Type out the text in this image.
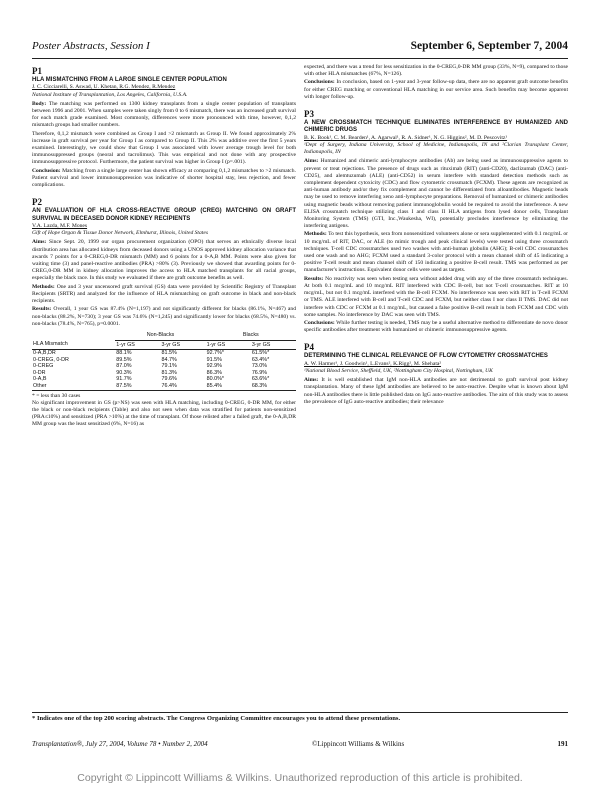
Poster Abstracts, Session I	September 6, September 7, 2004
P1
HLA MISMATCHING FROM A LARGE SINGLE CENTER POPULATION
J. C. Cicciarelli, S. Aswad, U. Khetan, R.G. Mendez, R.Mendez
National Institute of Transplantation, Los Angeles, California, U.S.A.

Body: The matching was performed on 1300 kidney transplants from a single center population of transplants between 1996 and 2001. When samples were taken singly from 0 to 6 mismatch, there was an increased graft survival for each match grade examined. Most commonly, differences were more pronounced with time, however, 0,1,2 mismatch groups had smaller numbers.

Therefore, 0,1,2 mismatch were combined as Group I and >2 mismatch as Group II. We found approximately 2% increase in graft survival per year for Group I as compared to Group II. This 2% was additive over the first 5 years examined. Interestingly, we could show that Group I was associated with lower average trough level for both immunosuppressed groups (neoral and tacrolimus). This was empirical and not done with any prospective immunosuppressive protocol. Furthermore, the patient survival was higher in Group I (p=.001).

Conclusion: Matching from a single large center has shown efficacy at comparing 0,1,2 mismatches to >2 mismatch. Patient survival and lower immunosuppression was indicative of shorter hospital stay, less rejection, and fewer complications.

P2
AN EVALUATION OF HLA CROSS-REACTIVE GROUP (CREG) MATCHING ON GRAFT SURVIVAL IN DECEASED DONOR KIDNEY RECIPIENTS
V.A. Lazda, M.F. Mones
Gift of Hope Organ & Tissue Donor Network, Elmhurst, Illinois, United States

Aims: Since Sept. 20, 1999 our organ procurement organization (OPO) that serves an ethnically diverse local distribution area has allocated kidneys from deceased donors using a UNOS approved kidney allocation variance that awards 7 points for a 0-CREG,0-DR mismatch (MM) and 6 points for a 0-A,B MM. Points were also given for waiting time (3) and panel-reactive antibodies (PRA) >80% (3). Previously we showed that awarding points for 0-CREG,0-DR MM in kidney allocation improves the access to HLA matched transplants for all racial groups, especially the black race. In this study we evaluated if there are graft outcome benefits as well.

Methods: One and 3 year uncensored graft survival (GS) data were provided by Scientific Registry of Transplant Recipients (SRTR) and analyzed for the influence of HLA mismatching on graft outcome in black and non-black recipients.

Results: Overall, 1 year GS was 87.4% (N=1,197) and not significantly different for blacks (86.1%, N=467) and non-blacks (88.2%, N=730); 3 year GS was 74.6% (N=1,245) and significantly lower for blacks (68.5%, N=480) vs. non-blacks (78.4%, N=765), p=0.0001.

	Non-Blacks		Blacks	
HLA Mismatch	1-yr GS	3-yr GS	1-yr GS	3-yr GS
0-A,B,DR	88.1%	81.5%	92.7%*	61.5%*
0-CREG, 0-DR	89.5%	84.7%	91.5%	63.4%*
0-CREG	87.0%	79.1%	92.9%	73.0%
0-DR	90.3%	81.3%	86.3%	76.9%
0-A,B	91.7%	79.6%	80.0%*	63.6%*
Other	87.5%	76.4%	85.4%	68.3%
* = less than 30 cases

No significant improvement in GS (p>NS) was seen with HLA matching, including 0-CREG, 0-DR MM, for either the black or non-black recipients (Table) and also not seen when data was stratified for patients non-sensitized (PRA≤10%) and sensitized (PRA >10%) at the time of transplant. Of those relisted after a failed graft, the 0-A,B,DR MM group was the least sensitized (6%, N=16) as

expected, and there was a trend for less sensitization in the 0-CREG,0-DR MM group (33%, N=9), compared to those with other HLA mismatches (67%, N=126).

Conclusions: In conclusion, based on 1-year and 3-year follow-up data, there are no apparent graft outcome benefits for either CREG matching or conventional HLA matching in our service area. Such benefits may become apparent with longer follow-up.

P3
A NEW CROSSMATCH TECHNIQUE ELIMINATES INTERFERENCE BY HUMANIZED AND CHIMERIC DRUGS
B. K. Book¹, C. M. Bearden¹, A. Agarwal¹, R. A. Sidner¹, N. G. Higgins², M. D. Pescovitz¹
¹Dept of Surgery, Indiana University, School of Medicine, Indianapolis, IN and ²Clarian Transplant Center, Indianapolis, IN

Aims: Humanized and chimeric anti-lymphocyte antibodies (Ab) are being used as immunosuppressive agents to prevent or treat rejections. The presence of drugs such as rituximab (RIT) (anti-CD20), daclizumab (DAC) (anti-CD25), and alemtuzumab (ALE) (anti-CD52) in serum interfere with standard detection methods such as complement dependent cytoxicity (CDC) and flow cytometric crossmatch (FCXM). These agents are recognized as anti-human antibody and/or they fix complement and cannot be differentiated from alloantibodies. Magnetic beads may be used to remove interfering xeno anti-lymphocyte preparations. Removal of humanized or chimeric antibodies using magnetic beads without removing patient immunoglobulin would be required to avoid the interference. A new ELISA crossmatch technique utilizing class I and class II HLA antigens from lysed donor cells, Transplant Monitoring System (TMS) (GTI, Inc.,Waukesha, WI), potentially precludes interference by eliminating the interfering antigens.

Methods: To test this hypothesis, sera from nonsensitized volunteers alone or sera supplemented with 0.1 mcg/mL or 10 mcg/mL of RIT, DAC, or ALE (to mimic trough and peak clinical levels) were tested using three crossmatch techniques. T-cell CDC crossmatches used two washes with anti-human globulin (AHG); B-cell CDC crossmatches used one wash and no AHG; FCXM used a standard 3-color protocol with a mean channel shift of 45 indicating a positive T-cell result and mean channel shift of 150 indicating a positive B-cell result. TMS was performed as per manufacturer's instructions. Equivalent donor cells were used as targets.

Results: No reactivity was seen when testing sera without added drug with any of the three crossmatch techniques. At both 0.1 mcg/mL and 10 mcg/mL RIT interfered with CDC B-cell, but not T-cell crossmatches. RIT at 10 mcg/mL, but not 0.1 mcg/mL interfered with the B-cell FCXM. No interference was seen with RIT in T-cell FCXM or TMS. ALE interfered with B-cell and T-cell CDC and FCXM, but neither class I nor class II TMS. DAC did not interfere with CDC or FCXM at 0.1 mcg/mL, but caused a false positive B-cell result in both FCXM and CDC with some samples. No interference by DAC was seen with TMS.

Conclusions: While further testing is needed, TMS may be a useful alternative method to differentiate de novo donor specific antibodies after treatment with humanized or chimeric immunosuppressive agents.

P4
DETERMINING THE CLINICAL RELEVANCE OF FLOW CYTOMETRY CROSSMATCHES
A. W. Harmer¹, J. Goodwin¹, L.Evans², K.Rigg², M. Shehata²
¹National Blood Service, Sheffield, UK, ²Nottingham City Hospital, Nottingham, UK

Aims: It is well established that IgM non-HLA antibodies are not detrimental to graft survival post kidney transplantation. Many of these IgM antibodies are believed to be auto-reactive. Despite what is known about IgM non-HLA antibodies there is little published data on IgG auto-reactive antibodies. The aim of this study was to assess the prevalence of IgG auto-reactive antibodies; their relevance

* Indicates one of the top 200 scoring abstracts. The Congress Organizing Committee encourages you to attend these presentations.
Transplantation®, July 27, 2004, Volume 78 • Number 2, 2004	©Lippincott Williams & Wilkins	191
Copyright © Lippincott Williams & Wilkins. Unauthorized reproduction of this article is prohibited.
